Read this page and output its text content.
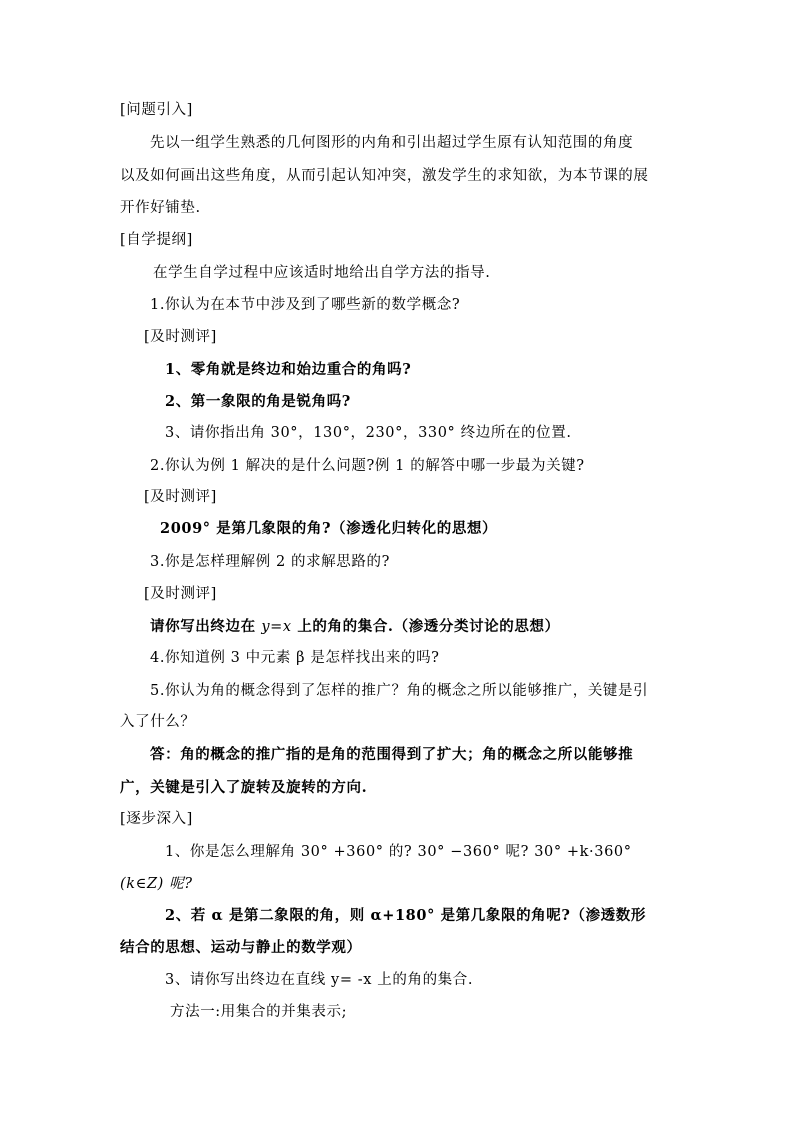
[问题引入]
先以一组学生熟悉的几何图形的内角和引出超过学生原有认知范围的角度
以及如何画出这些角度，从而引起认知冲突，激发学生的求知欲，为本节课的展
开作好铺垫.
[自学提纲]
在学生自学过程中应该适时地给出自学方法的指导.
1.你认为在本节中涉及到了哪些新的数学概念?
[及时测评]
1、零角就是终边和始边重合的角吗?
2、第一象限的角是锐角吗?
3、请你指出角 30°，130°，230°，330° 终边所在的位置.
2.你认为例 1 解决的是什么问题?例 1 的解答中哪一步最为关键?
[及时测评]
2009° 是第几象限的角?（渗透化归转化的思想）
3.你是怎样理解例 2 的求解思路的?
[及时测评]
请你写出终边在 y=x 上的角的集合.（渗透分类讨论的思想）
4.你知道例 3 中元素 β 是怎样找出来的吗?
5.你认为角的概念得到了怎样的推广？角的概念之所以能够推广，关键是引
入了什么？
答：角的概念的推广指的是角的范围得到了扩大；角的概念之所以能够推
广，关键是引入了旋转及旋转的方向.
[逐步深入]
1、你是怎么理解角 30° +360° 的? 30° −360° 呢? 30° +k·360°
(k∈Z) 呢?
2、若 α 是第二象限的角，则 α+180° 是第几象限的角呢?（渗透数形
结合的思想、运动与静止的数学观）
3、请你写出终边在直线 y= -x 上的角的集合.
方法一:用集合的并集表示;
